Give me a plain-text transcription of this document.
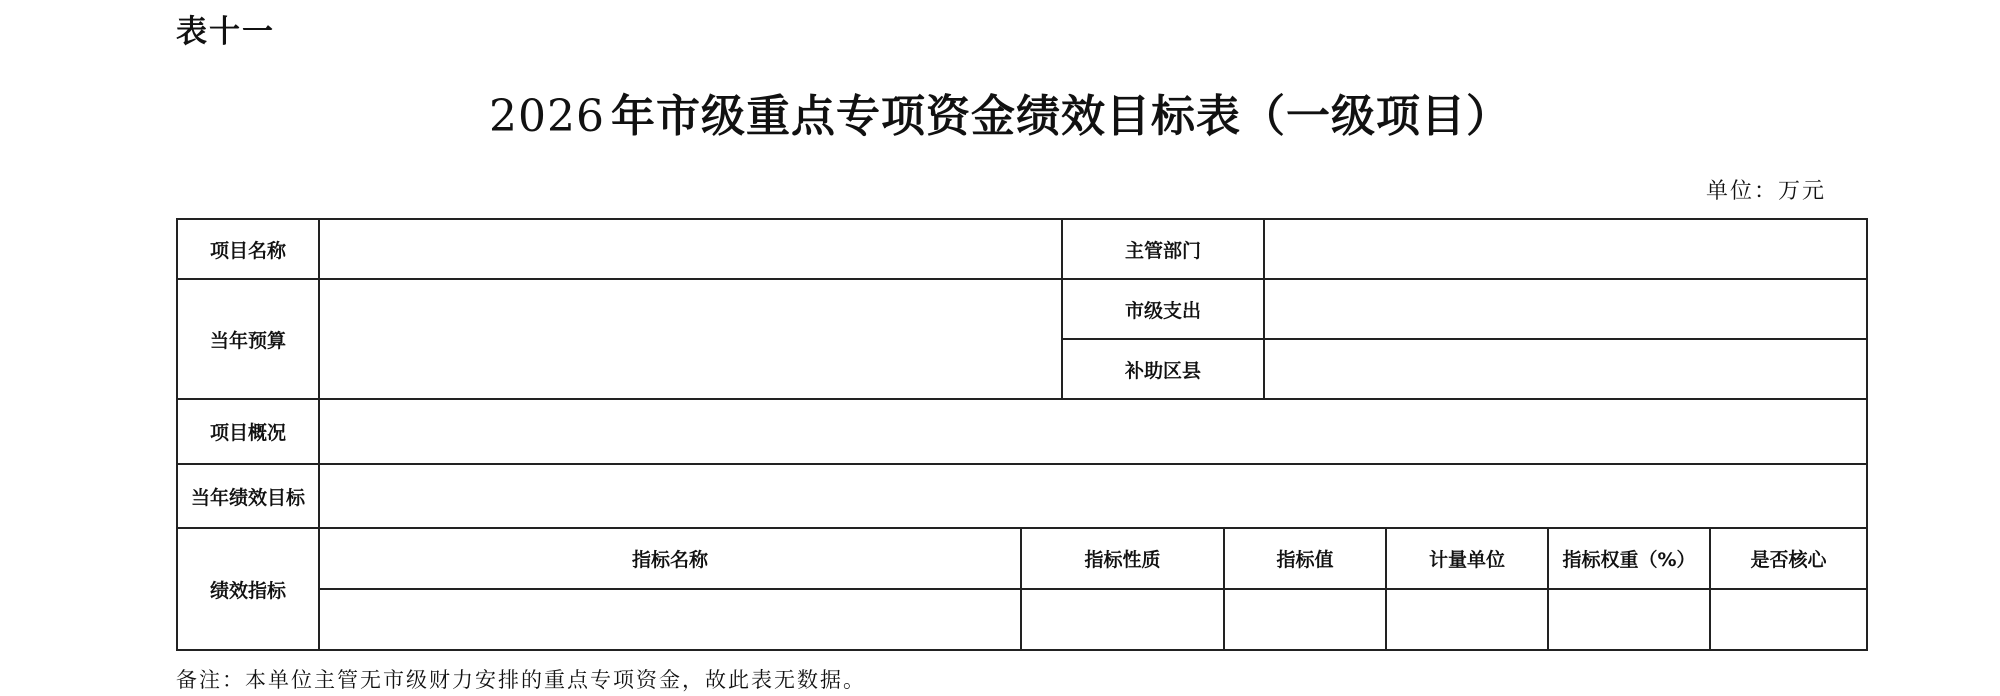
表十一
2026 年市级重点专项资金绩效目标表（一级项目）
单位：万元
项目名称			主管部门					
当年预算			市级支出					
			补助区县					
项目概况								
当年绩效目标								
绩效指标	指标名称	指标性质		指标值		计量单位	指标权重（%）	是否核心

备注：本单位主管无市级财力安排的重点专项资金，故此表无数据。
